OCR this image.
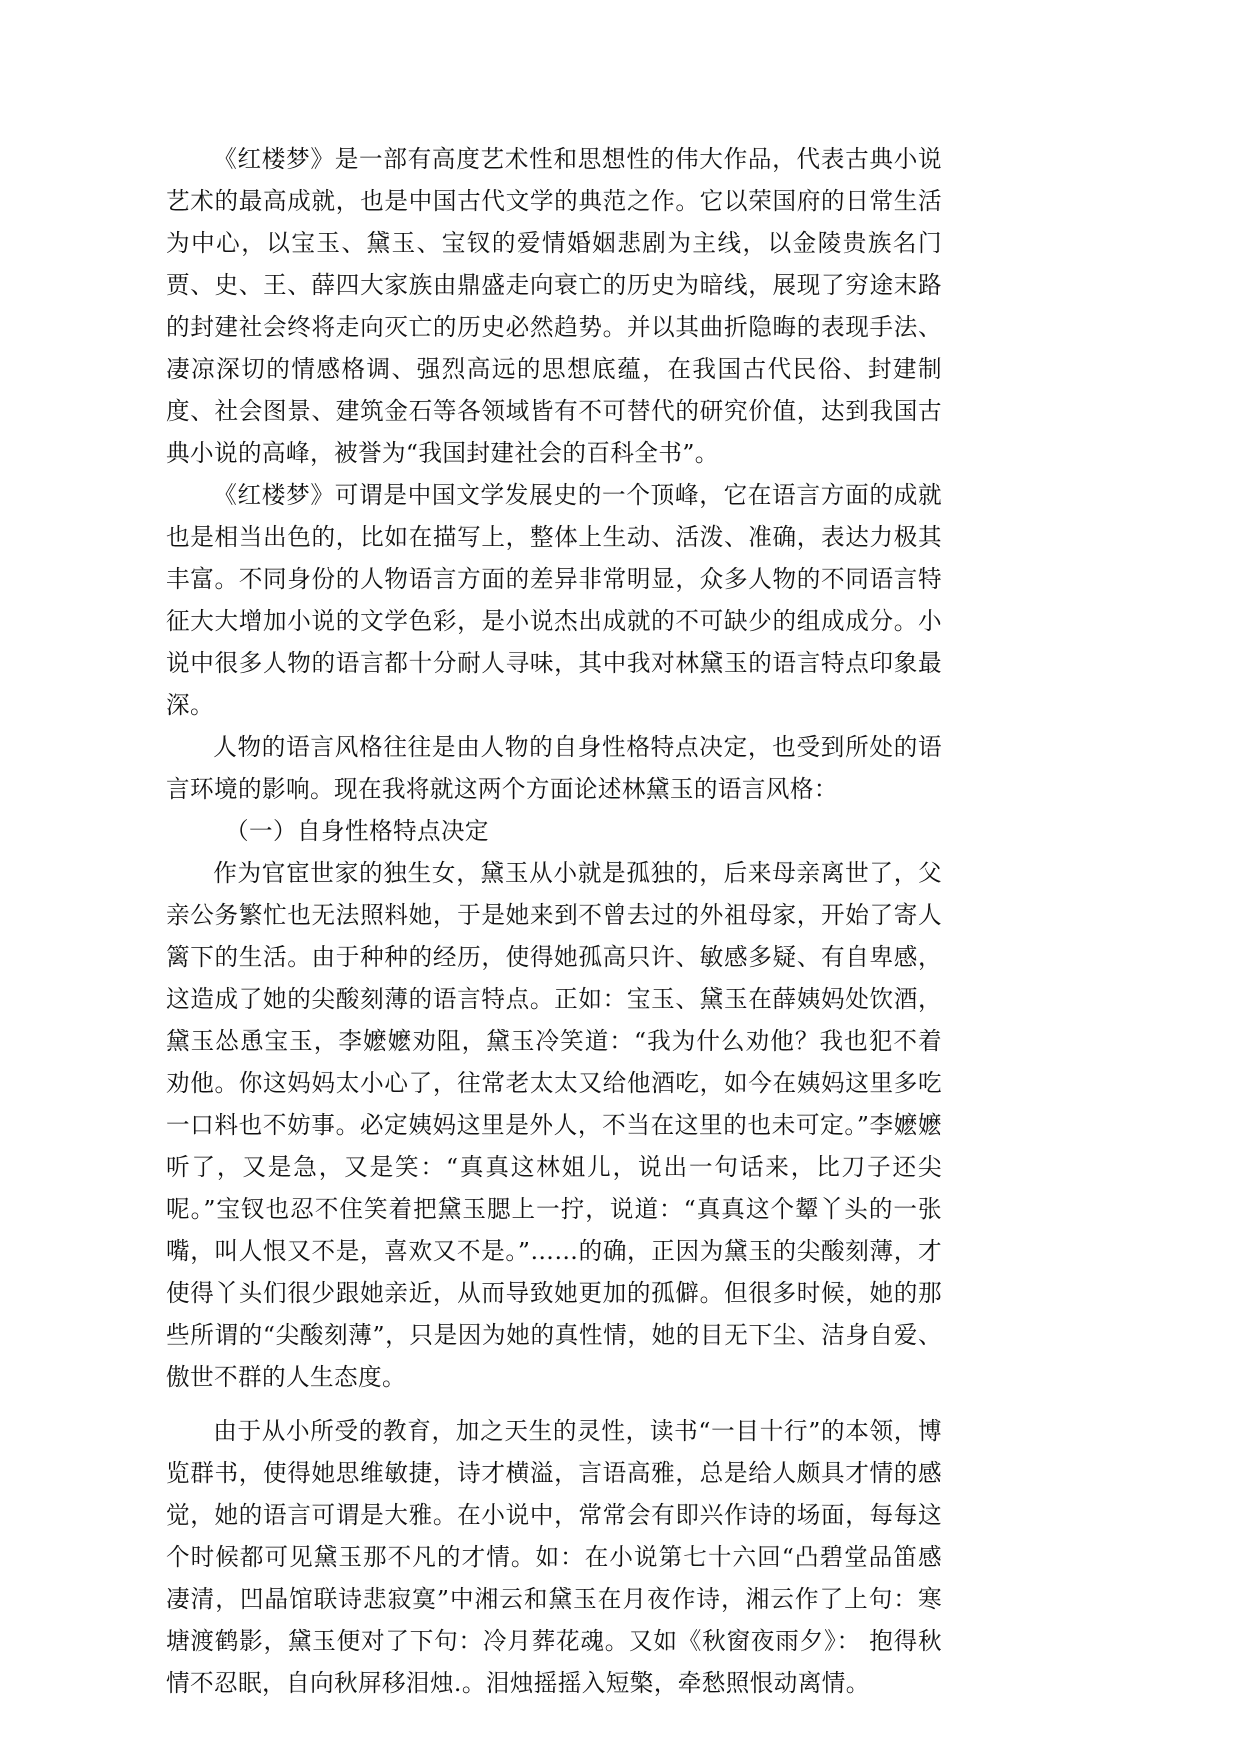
《红楼梦》是一部有高度艺术性和思想性的伟大作品，代表古典小说艺术的最高成就，也是中国古代文学的典范之作。它以荣国府的日常生活为中心，以宝玉、黛玉、宝钗的爱情婚姻悲剧为主线，以金陵贵族名门贾、史、王、薛四大家族由鼎盛走向衰亡的历史为暗线，展现了穷途末路的封建社会终将走向灭亡的历史必然趋势。并以其曲折隐晦的表现手法、凄凉深切的情感格调、强烈高远的思想底蕴，在我国古代民俗、封建制度、社会图景、建筑金石等各领域皆有不可替代的研究价值，达到我国古典小说的高峰，被誉为“我国封建社会的百科全书”。

《红楼梦》可谓是中国文学发展史的一个顶峰，它在语言方面的成就也是相当出色的，比如在描写上，整体上生动、活泼、准确，表达力极其丰富。不同身份的人物语言方面的差异非常明显，众多人物的不同语言特征大大增加小说的文学色彩，是小说杰出成就的不可缺少的组成成分。小说中很多人物的语言都十分耐人寻味，其中我对林黛玉的语言特点印象最深。

人物的语言风格往往是由人物的自身性格特点决定，也受到所处的语言环境的影响。现在我将就这两个方面论述林黛玉的语言风格：

（一）自身性格特点决定

作为官宦世家的独生女，黛玉从小就是孤独的，后来母亲离世了，父亲公务繁忙也无法照料她，于是她来到不曾去过的外祖母家，开始了寄人篱下的生活。由于种种的经历，使得她孤高只许、敏感多疑、有自卑感，这造成了她的尖酸刻薄的语言特点。正如：宝玉、黛玉在薛姨妈处饮酒，黛玉怂恿宝玉，李嬷嬷劝阻，黛玉冷笑道：“我为什么劝他？我也犯不着劝他。你这妈妈太小心了，往常老太太又给他酒吃，如今在姨妈这里多吃一口料也不妨事。必定姨妈这里是外人，不当在这里的也未可定。”李嬷嬷听了，又是急，又是笑：“真真这林姐儿，说出一句话来，比刀子还尖呢。”宝钗也忍不住笑着把黛玉腮上一拧，说道：“真真这个颦丫头的一张嘴，叫人恨又不是，喜欢又不是。”……的确，正因为黛玉的尖酸刻薄，才使得丫头们很少跟她亲近，从而导致她更加的孤僻。但很多时候，她的那些所谓的“尖酸刻薄”，只是因为她的真性情，她的目无下尘、洁身自爱、傲世不群的人生态度。

由于从小所受的教育，加之天生的灵性，读书“一目十行”的本领，博览群书，使得她思维敏捷，诗才横溢，言语高雅，总是给人颇具才情的感觉，她的语言可谓是大雅。在小说中，常常会有即兴作诗的场面，每每这个时候都可见黛玉那不凡的才情。如：在小说第七十六回“凸碧堂品笛感凄清，凹晶馆联诗悲寂寞”中湘云和黛玉在月夜作诗，湘云作了上句：寒塘渡鹤影，黛玉便对了下句：冷月葬花魂。又如《秋窗夜雨夕》： 抱得秋情不忍眠，自向秋屏移泪烛.。泪烛摇摇入短檠，牵愁照恨动离情。
